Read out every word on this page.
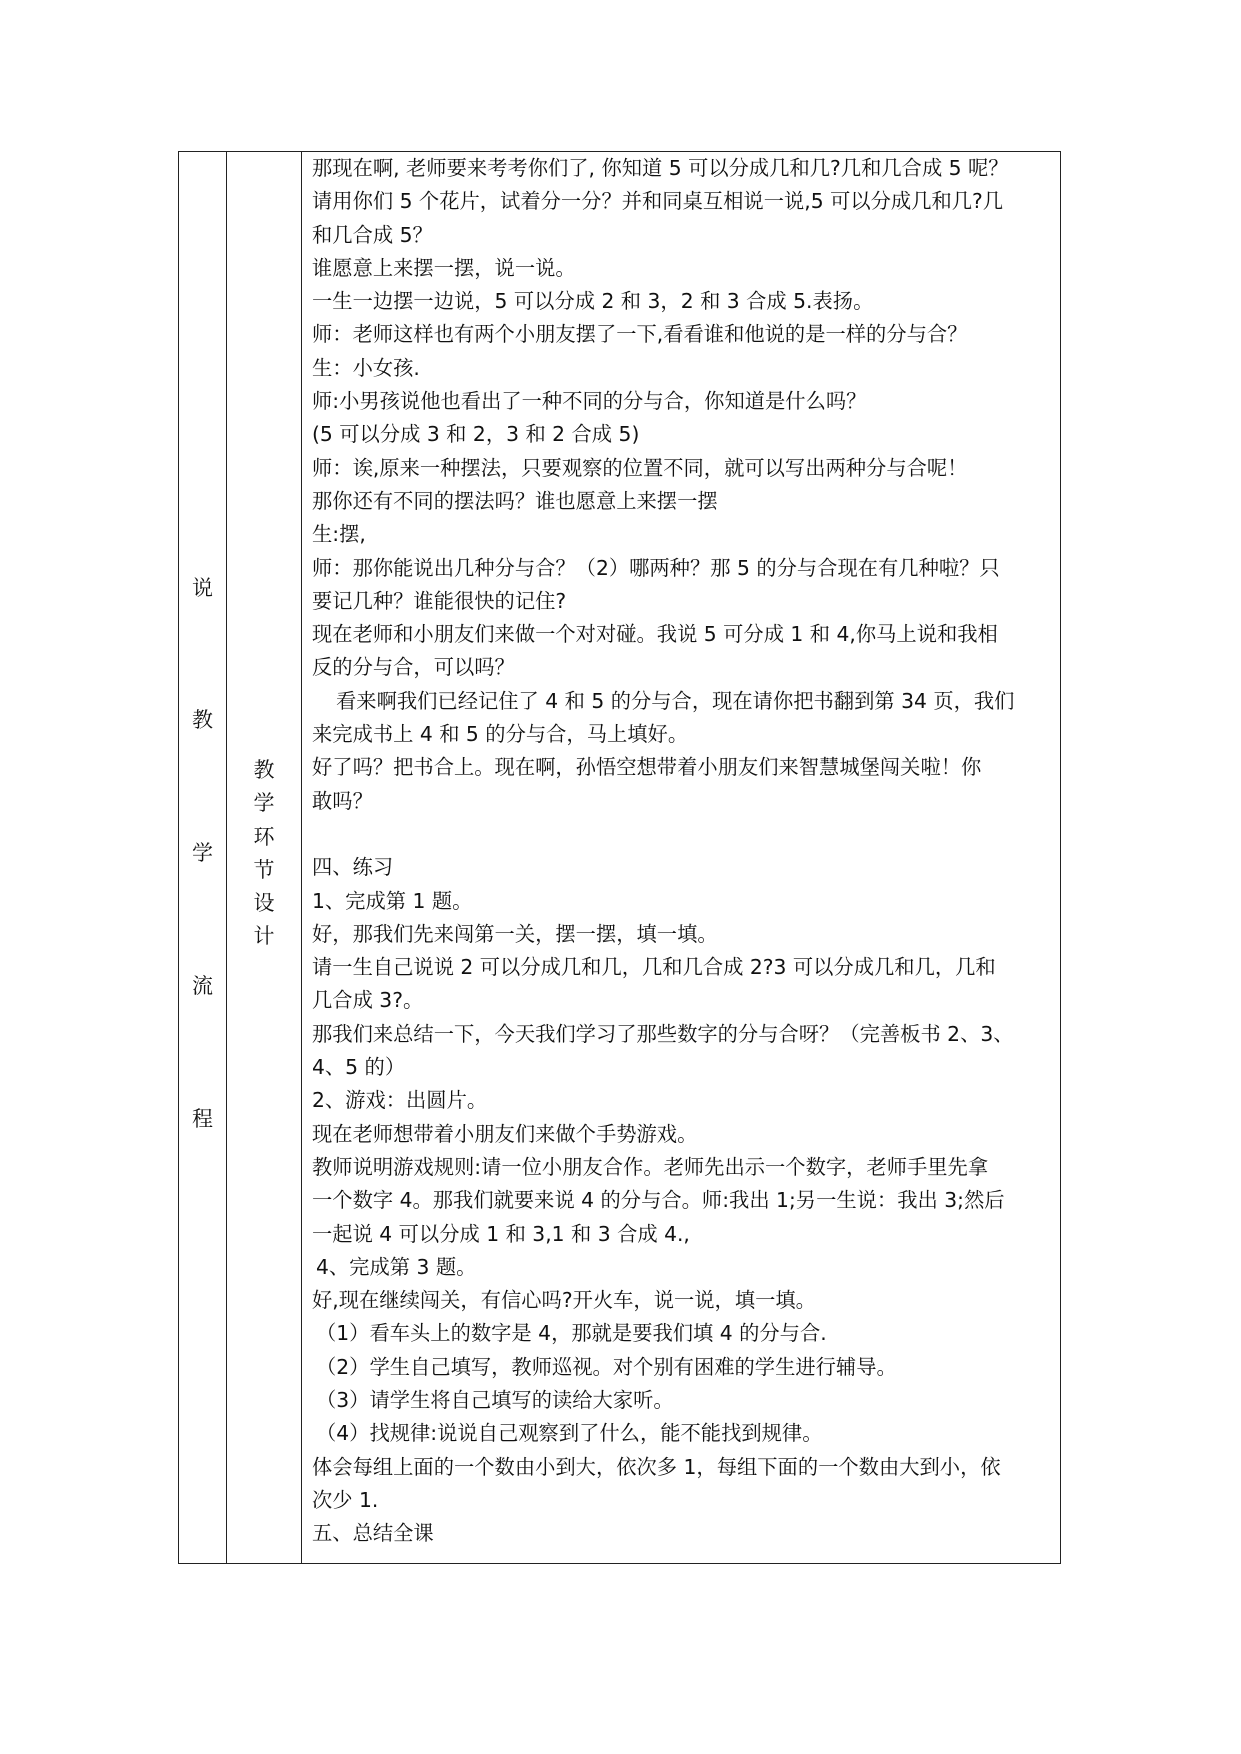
说
教
学
流
程
教
学
环
节
设
计
那现在啊, 老师要来考考你们了, 你知道 5 可以分成几和几?几和几合成 5 呢？
请用你们 5 个花片，试着分一分？并和同桌互相说一说,5 可以分成几和几?几
和几合成 5？
谁愿意上来摆一摆，说一说。
一生一边摆一边说，5 可以分成 2 和 3，2 和 3 合成 5.表扬。
师：老师这样也有两个小朋友摆了一下,看看谁和他说的是一样的分与合？
生：小女孩.
师:小男孩说他也看出了一种不同的分与合，你知道是什么吗？
(5 可以分成 3 和 2，3 和 2 合成 5)
师：诶,原来一种摆法，只要观察的位置不同，就可以写出两种分与合呢！
那你还有不同的摆法吗？谁也愿意上来摆一摆
生:摆,
师：那你能说出几种分与合？（2）哪两种？那 5 的分与合现在有几种啦？只
要记几种？谁能很快的记住?
现在老师和小朋友们来做一个对对碰。我说 5 可分成 1 和 4,你马上说和我相
反的分与合，可以吗？
看来啊我们已经记住了 4 和 5 的分与合，现在请你把书翻到第 34 页，我们
来完成书上 4 和 5 的分与合，马上填好。
好了吗？把书合上。现在啊，孙悟空想带着小朋友们来智慧城堡闯关啦！你
敢吗？
四、练习
1、完成第 1 题。
好，那我们先来闯第一关，摆一摆，填一填。
请一生自己说说 2 可以分成几和几，几和几合成 2?3 可以分成几和几，几和
几合成 3?。
那我们来总结一下，今天我们学习了那些数字的分与合呀？（完善板书 2、3、
4、5 的）
2、游戏：出圆片。
现在老师想带着小朋友们来做个手势游戏。
教师说明游戏规则:请一位小朋友合作。老师先出示一个数字，老师手里先拿
一个数字 4。那我们就要来说 4 的分与合。师:我出 1;另一生说：我出 3;然后
一起说 4 可以分成 1 和 3,1 和 3 合成 4.,
4、完成第 3 题。
好,现在继续闯关，有信心吗?开火车，说一说，填一填。
（1）看车头上的数字是 4，那就是要我们填 4 的分与合.
（2）学生自己填写，教师巡视。对个别有困难的学生进行辅导。
（3）请学生将自己填写的读给大家听。
（4）找规律:说说自己观察到了什么，能不能找到规律。
体会每组上面的一个数由小到大，依次多 1，每组下面的一个数由大到小，依
次少 1.
五、总结全课
